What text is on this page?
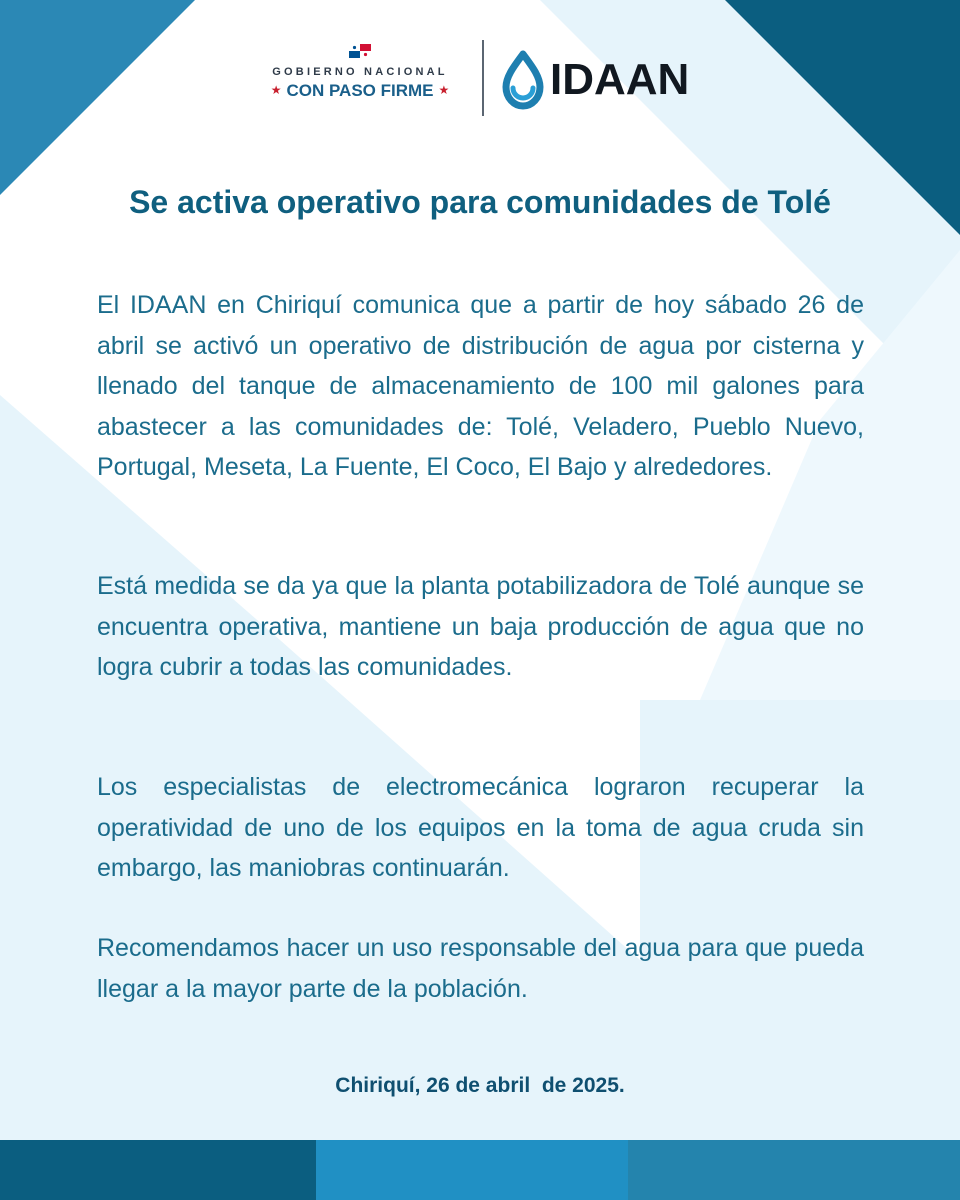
GOBIERNO NACIONAL
★ CON PASO FIRME ★	IDAAN
Se activa operativo para comunidades de Tolé

El IDAAN en Chiriquí comunica que a partir de hoy sábado 26 de abril se activó un operativo de distribución de agua por cisterna y llenado del tanque de almacenamiento de 100 mil galones para abastecer a las comunidades de: Tolé, Veladero, Pueblo Nuevo, Portugal, Meseta, La Fuente, El Coco, El Bajo y alrededores.

Está medida se da ya que la planta potabilizadora de Tolé aunque se encuentra operativa, mantiene un baja producción de agua que no logra cubrir a todas las comunidades.

Los especialistas de electromecánica lograron recuperar la operatividad de uno de los equipos en la toma de agua cruda sin embargo, las maniobras continuarán.

Recomendamos hacer un uso responsable del agua para que pueda llegar a la mayor parte de la población.

Chiriquí, 26 de abril  de 2025.
